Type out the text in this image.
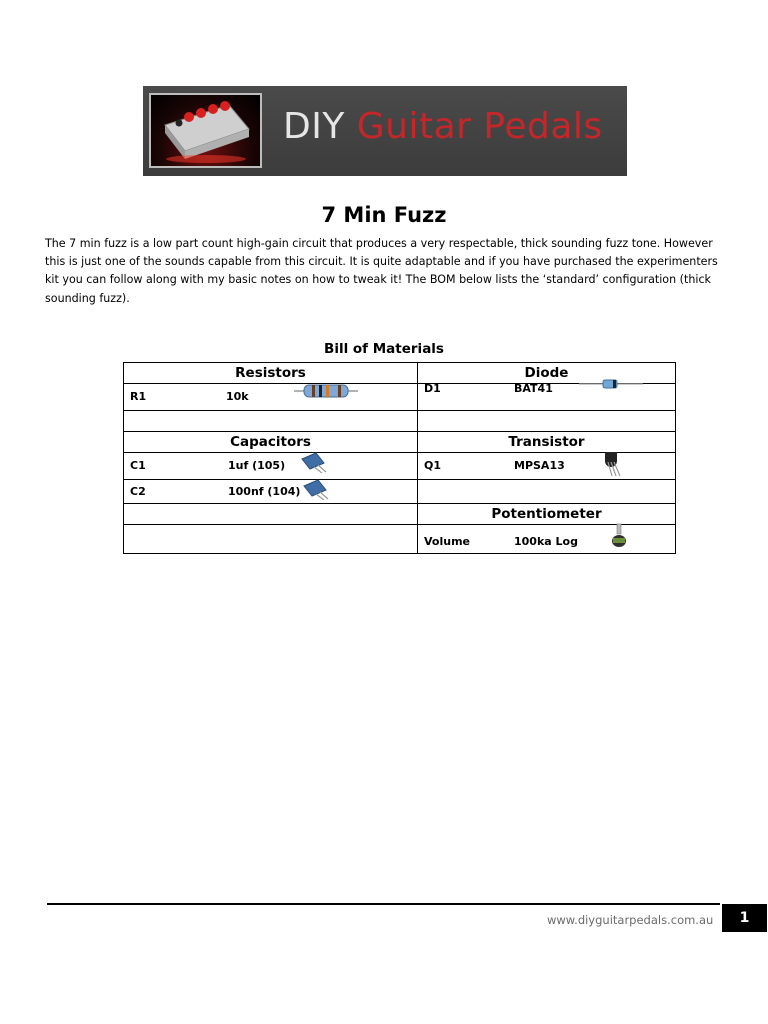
DIY Guitar Pedals
7 Min Fuzz

The 7 min fuzz is a low part count high-gain circuit that produces a very respectable, thick sounding fuzz tone. However this is just one of the sounds capable from this circuit. It is quite adaptable and if you have purchased the experimenters kit you can follow along with my basic notes on how to tweak it! The BOM below lists the ‘standard’ configuration (thick sounding fuzz).

Bill of Materials
Resistors	Diode

R1 10k	D1 BAT41

Capacitors	Transistor

C1 1uf (105)	Q1 MPSA13

C2 100nf (104)	

	Potentiometer

	Volume 100ka Log
www.diyguitarpedals.com.au	1
